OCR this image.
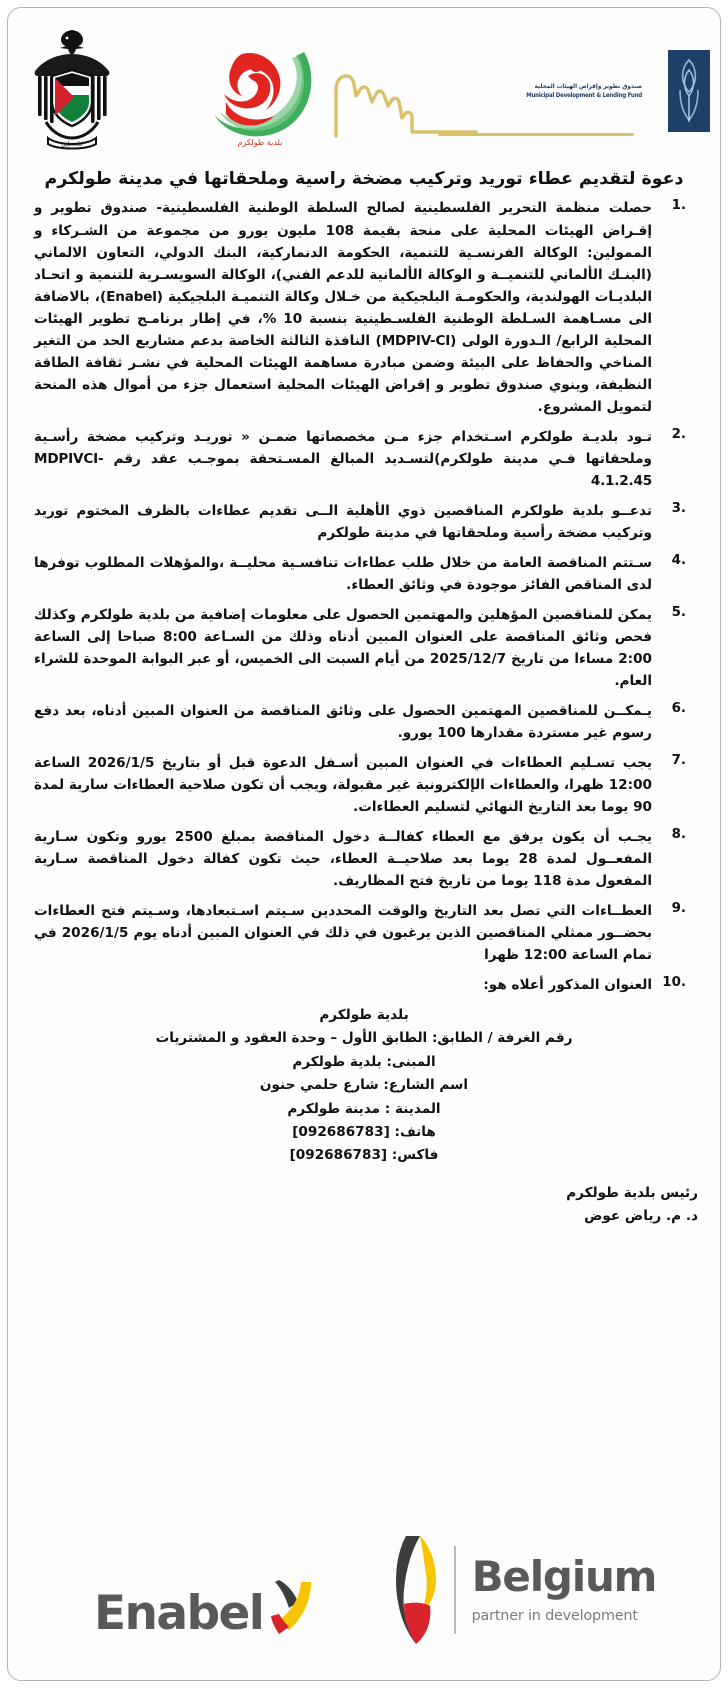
فلسطين	بلدية طولكرم
صندوق تطوير وإقراض الهيئات المحلية
Municipal Development & Lending Fund
دعوة لتقديم عطاء توريد وتركيب مضخة راسية وملحقاتها في مدينة طولكرم
1.
حصلت منظمة التحرير الفلسطينية لصالح السلطة الوطنية الفلسطينية- صندوق تطوير و إقـراض الهيئات المحلية على منحة بقيمة 108 مليون يورو من مجموعة من الشـركاء و الممولين: الوكالة الفرنسـية للتنمية، الحكومة الدنماركية، البنك الدولي، التعاون الالماني (البنـك الألماني للتنميــة و الوكالة الألمانية للدعم الفني)، الوكالة السويسـرية للتنمية و اتحـاد البلديـات الهولندية، والحكومـة البلجيكية من خـلال وكالة التنميـة البلجيكية (Enabel)، بالاضافة الى مسـاهمة السـلطة الوطنية الفلسـطينية بنسبة 10 %، في إطار برنامـج تطوير الهيئات المحلية الرابع/ الـدورة الولى (MDPIV-CI) النافذة الثالثة الخاصة بدعم مشاريع الحد من التغير المناخي والحفاظ على البيئة وضمن مبادرة مساهمة الهيئات المحلية في نشـر ثقافة الطاقة النظيفة، وينوي صندوق تطوير و إقراض الهيئات المحلية استعمال جزء من أموال هذه المنحة لتمويل المشروع.
2.
تـود بلديـة طولكرم اسـتخدام جزء مـن مخصصاتها ضمـن « توريـد وتركيب مضخة رأسـية وملحقاتها فـي مدينة طولكرم)لتسـديد المبالغ المسـتحقة بموجـب عقد رقم MDPIVCI-4.1.2.45
3.
تدعــو بلدية طولكرم المناقصين ذوي الأهلية الــى تقديم عطاءات بالظرف المختوم توريد وتركيب مضخة رأسية وملحقاتها في مدينة طولكرم
4.
سـتتم المناقصة العامة من خلال طلب عطاءات تنافسـية محليــة ،والمؤهلات المطلوب توفرها لدى المناقص الفائز موجودة في وثائق العطاء.
5.
يمكن للمناقصين المؤهلين والمهتمين الحصول على معلومات إضافية من بلدية طولكرم وكذلك فحص وثائق المناقصة على العنوان المبين أدناه وذلك من السـاعة 8:00 صباحا إلى الساعة 2:00 مساءا من تاريخ 2025/12/7 من أيام السبت الى الخميس، أو عبر البوابة الموحدة للشراء العام.
6.
يـمكــن للمناقصين المهتمين الحصول على وثائق المناقصة من العنوان المبين أدناه، بعد دفع رسوم غير مستردة مقدارها 100 يورو.
7.
يجب تسـليم العطاءات في العنوان المبين أسـفل الدعوة قبل أو بتاريخ 2026/1/5 الساعة 12:00 ظهرا، والعطاءات الإلكترونية غير مقبولة، ويجب أن تكون صلاحية العطاءات سارية لمدة 90 يوما بعد التاريخ النهائي لتسليم العطاءات.
8.
يجـب أن يكون يرفق مع العطاء كفالــة دخول المناقصة بمبلغ 2500 يورو وتكون سـارية المفعــول لمدة 28 يوما بعد صلاحيــة العطاء، حيث تكون كفالة دخول المناقصة سـارية المفعول مدة 118 يوما من تاريخ فتح المظاريف.
9.
العطــاءات التي تصل بعد التاريخ والوقت المحددين سـيتم اسـتبعادها، وسـيتم فتح العطاءات بحضــور ممثلي المناقصين الذين يرغبون في ذلك في العنوان المبين أدناه يوم 2026/1/5 في تمام الساعة 12:00 ظهرا
10.
العنوان المذكور أعلاه هو:
بلدية طولكرم
رقم الغرفة / الطابق: الطابق الأول – وحدة العقود و المشتريات
المبنى: بلدية طولكرم
اسم الشارع: شارع حلمي حنون
المدينة : مدينة طولكرم
هاتف: [092686783]
فاكس: [092686783]
رئيس بلدية طولكرم
د. م. رياض عوض
Enabel
Belgium
partner in development
